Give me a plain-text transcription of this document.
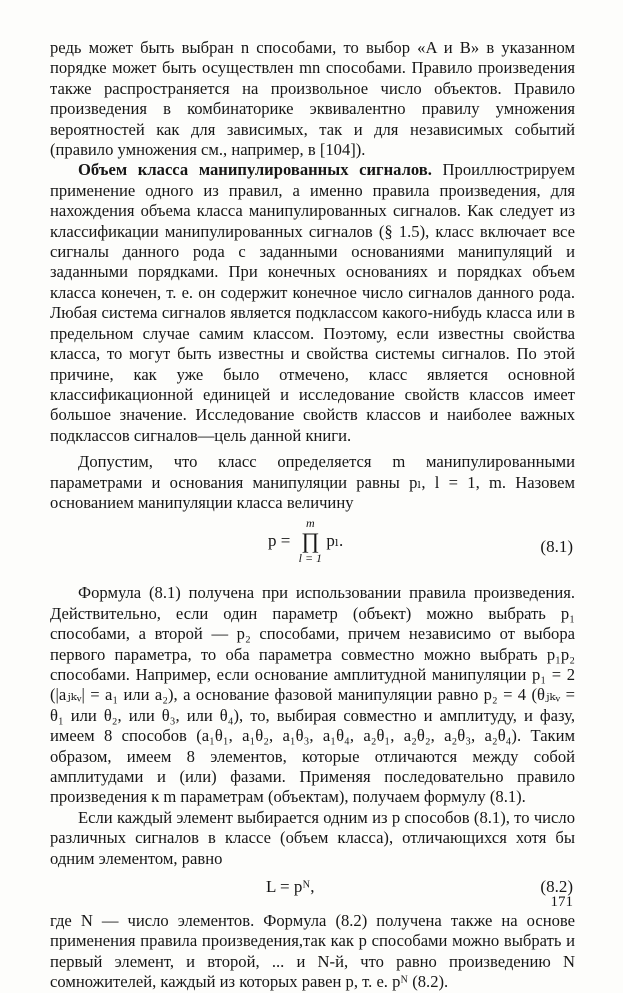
редь может быть выбран n способами, то выбор «A и B» в указанном порядке может быть осуществлен mn способами. Правило произведения также распространяется на произвольное число объектов. Правило произведения в комбинаторике эквивалентно правилу умножения вероятностей как для зависимых, так и для независимых событий (правило умножения см., например, в [104]).

Объем класса манипулированных сигналов. Проиллюстрируем применение одного из правил, а именно правила произведения, для нахождения объема класса манипулированных сигналов. Как следует из классификации манипулированных сигналов (§ 1.5), класс включает все сигналы данного рода с заданными основаниями манипуляций и заданными порядками. При конечных основаниях и порядках объем класса конечен, т. е. он содержит конечное число сигналов данного рода. Любая система сигналов является подклассом какого-нибудь класса или в предельном случае самим классом. Поэтому, если известны свойства класса, то могут быть известны и свойства системы сигналов. По этой причине, как уже было отмечено, класс является основной классификационной единицей и исследование свойств классов имеет большое значение. Исследование свойств классов и наиболее важных подклассов сигналов—цель данной книги.

Допустим, что класс определяется m манипулированными параметрами и основания манипуляции равны pₗ, l = 1, m. Назовем основанием манипуляции класса величину

p =
m
∏
l = 1
pₗ.	(8.1)

Формула (8.1) получена при использовании правила произведения. Действительно, если один параметр (объект) можно выбрать p₁ способами, а второй — p₂ способами, причем независимо от выбора первого параметра, то оба параметра совместно можно выбрать p₁p₂ способами. Например, если основание амплитудной манипуляции p₁ = 2 (|aⱼₖᵥ| = a₁ или a₂), а основание фазовой манипуляции равно p₂ = 4 (θⱼₖᵥ = θ₁ или θ₂, или θ₃, или θ₄), то, выбирая совместно и амплитуду, и фазу, имеем 8 способов (a₁θ₁, a₁θ₂, a₁θ₃, a₁θ₄, a₂θ₁, a₂θ₂, a₂θ₃, a₂θ₄). Таким образом, имеем 8 элементов, которые отличаются между собой амплитудами и (или) фазами. Применяя последовательно правило произведения к m параметрам (объектам), получаем формулу (8.1).

Если каждый элемент выбирается одним из p способов (8.1), то число различных сигналов в классе (объем класса), отличающихся хотя бы одним элементом, равно

L = pᴺ,	(8.2)

где N — число элементов. Формула (8.2) получена также на основе применения правила произведения,так как p способами можно выбрать и первый элемент, и второй, ... и N-й, что равно произведению N сомножителей, каждый из которых равен p, т. е. pᴺ (8.2).

171
